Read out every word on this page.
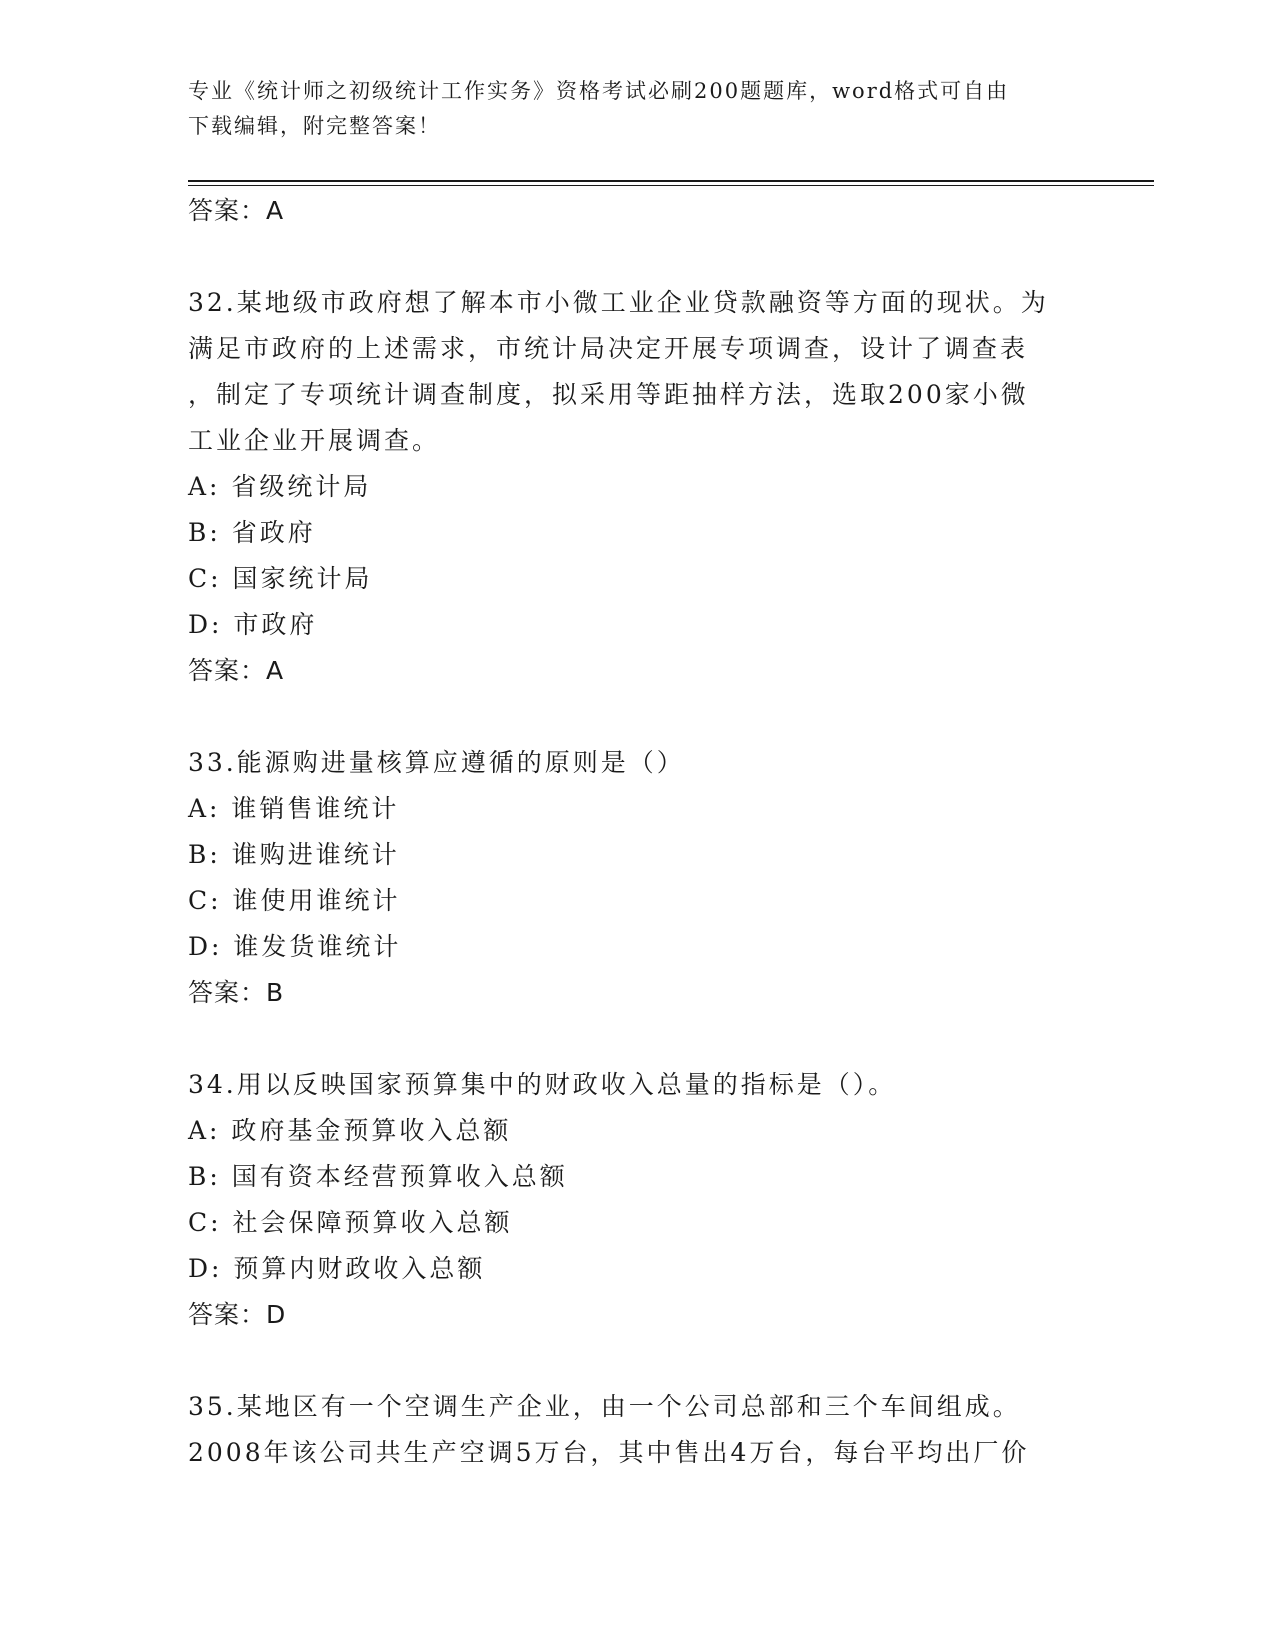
专业《统计师之初级统计工作实务》资格考试必刷200题题库，word格式可自由
下载编辑，附完整答案！
答案：A
32.某地级市政府想了解本市小微工业企业贷款融资等方面的现状。为
满足市政府的上述需求，市统计局决定开展专项调查，设计了调查表
，制定了专项统计调查制度，拟采用等距抽样方法，选取200家小微
工业企业开展调查。
A: 省级统计局
B: 省政府
C: 国家统计局
D: 市政府
答案：A
33.能源购进量核算应遵循的原则是（）
A: 谁销售谁统计
B: 谁购进谁统计
C: 谁使用谁统计
D: 谁发货谁统计
答案：B
34.用以反映国家预算集中的财政收入总量的指标是（）。
A: 政府基金预算收入总额
B: 国有资本经营预算收入总额
C: 社会保障预算收入总额
D: 预算内财政收入总额
答案：D
35.某地区有一个空调生产企业，由一个公司总部和三个车间组成。
2008年该公司共生产空调5万台，其中售出4万台，每台平均出厂价
